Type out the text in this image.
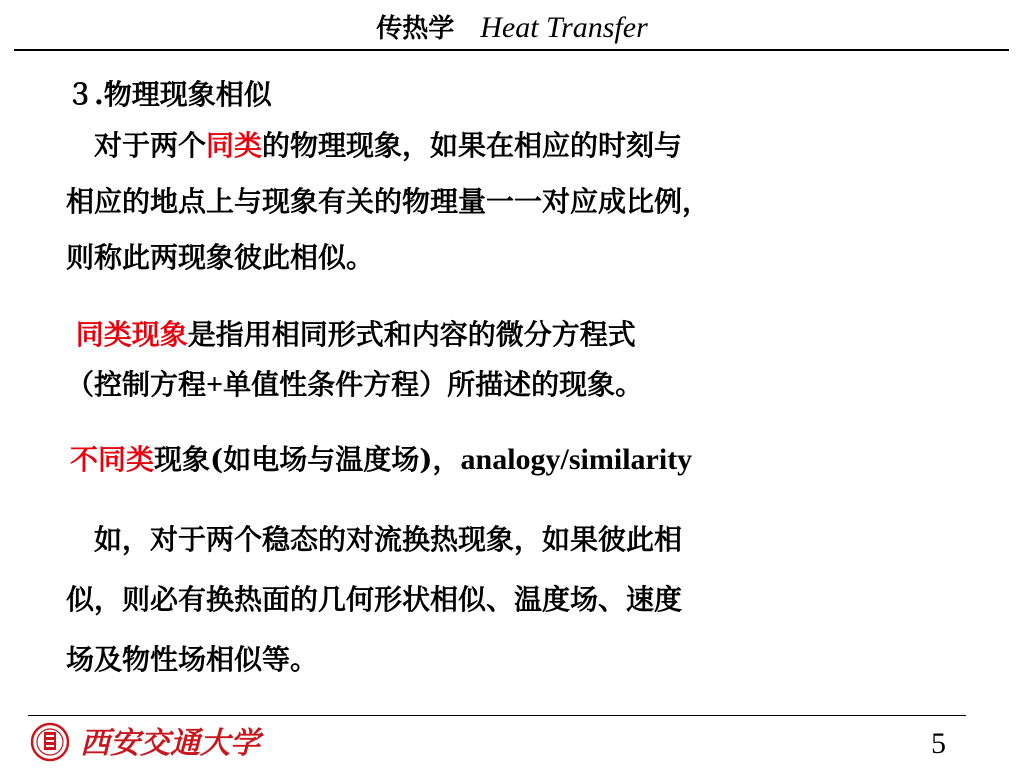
传热学 Heat Transfer
３.物理现象相似
　对于两个同类的物理现象，如果在相应的时刻与
相应的地点上与现象有关的物理量一一对应成比例，
则称此两现象彼此相似。
同类现象是指用相同形式和内容的微分方程式
（控制方程+单值性条件方程）所描述的现象。
不同类现象(如电场与温度场)，analogy/similarity
　如，对于两个稳态的对流换热现象，如果彼此相
似，则必有换热面的几何形状相似、温度场、速度
场及物性场相似等。
西安交通大学	5
